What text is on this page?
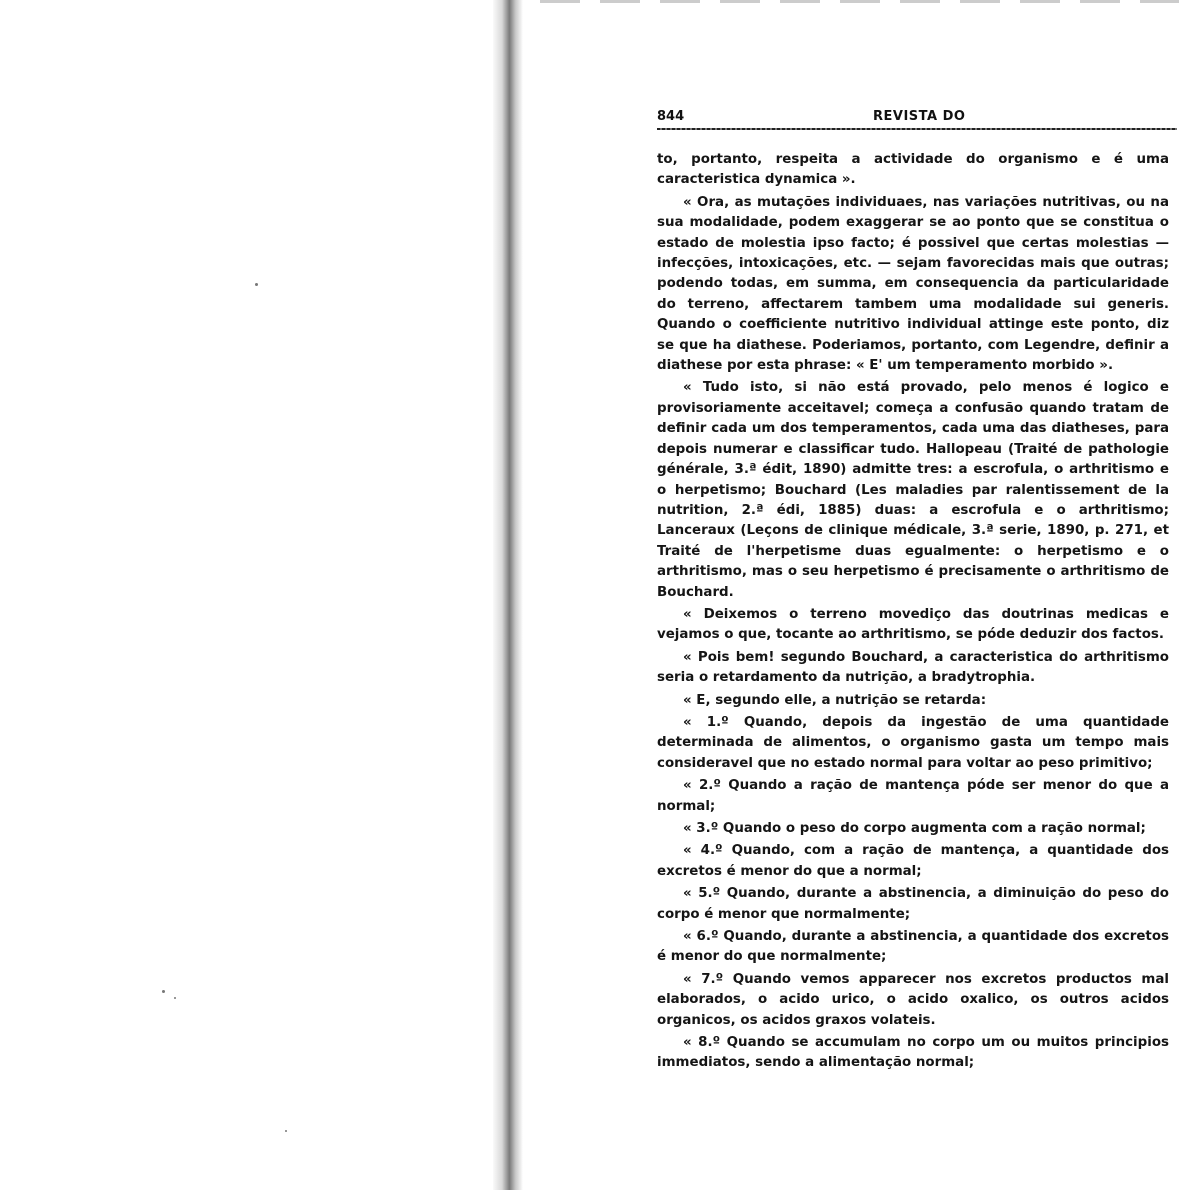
844	REVISTA DO

to, portanto, respeita a actividade do organismo e é uma caracteristica dynamica ».

« Ora, as mutações individuaes, nas variações nutritivas, ou na sua modalidade, podem exaggerar se ao ponto que se constitua o estado de molestia ipso facto; é possivel que certas molestias — infecções, intoxicações, etc. — sejam favorecidas mais que outras; podendo todas, em summa, em consequencia da particularidade do terreno, affectarem tambem uma modalidade sui generis. Quando o coefficiente nutritivo individual attinge este ponto, diz se que ha diathese. Poderiamos, portanto, com Legendre, definir a diathese por esta phrase: « E' um temperamento morbido ».

« Tudo isto, si não está provado, pelo menos é logico e provisoriamente acceitavel; começa a confusão quando tratam de definir cada um dos temperamentos, cada uma das diatheses, para depois numerar e classificar tudo. Hallopeau (Traité de pathologie générale, 3.ª édit, 1890) admitte tres: a escrofula, o arthritismo e o herpetismo; Bouchard (Les maladies par ralentissement de la nutrition, 2.ª édi, 1885) duas: a escrofula e o arthritismo; Lanceraux (Leçons de clinique médicale, 3.ª serie, 1890, p. 271, et Traité de l'herpetisme duas egualmente: o herpetismo e o arthritismo, mas o seu herpetismo é precisamente o arthritismo de Bouchard.

« Deixemos o terreno movediço das doutrinas medicas e vejamos o que, tocante ao arthritismo, se póde deduzir dos factos.

« Pois bem! segundo Bouchard, a caracteristica do arthritismo seria o retardamento da nutrição, a bradytrophia.

« E, segundo elle, a nutrição se retarda:

« 1.º Quando, depois da ingestão de uma quantidade determinada de alimentos, o organismo gasta um tempo mais consideravel que no estado normal para voltar ao peso primitivo;

« 2.º Quando a ração de mantença póde ser menor do que a normal;

« 3.º Quando o peso do corpo augmenta com a ração normal;

« 4.º Quando, com a ração de mantença, a quantidade dos excretos é menor do que a normal;

« 5.º Quando, durante a abstinencia, a diminuição do peso do corpo é menor que normalmente;

« 6.º Quando, durante a abstinencia, a quantidade dos excretos é menor do que normalmente;

« 7.º Quando vemos apparecer nos excretos productos mal elaborados, o acido urico, o acido oxalico, os outros acidos organicos, os acidos graxos volateis.

« 8.º Quando se accumulam no corpo um ou muitos principios immediatos, sendo a alimentação normal;
